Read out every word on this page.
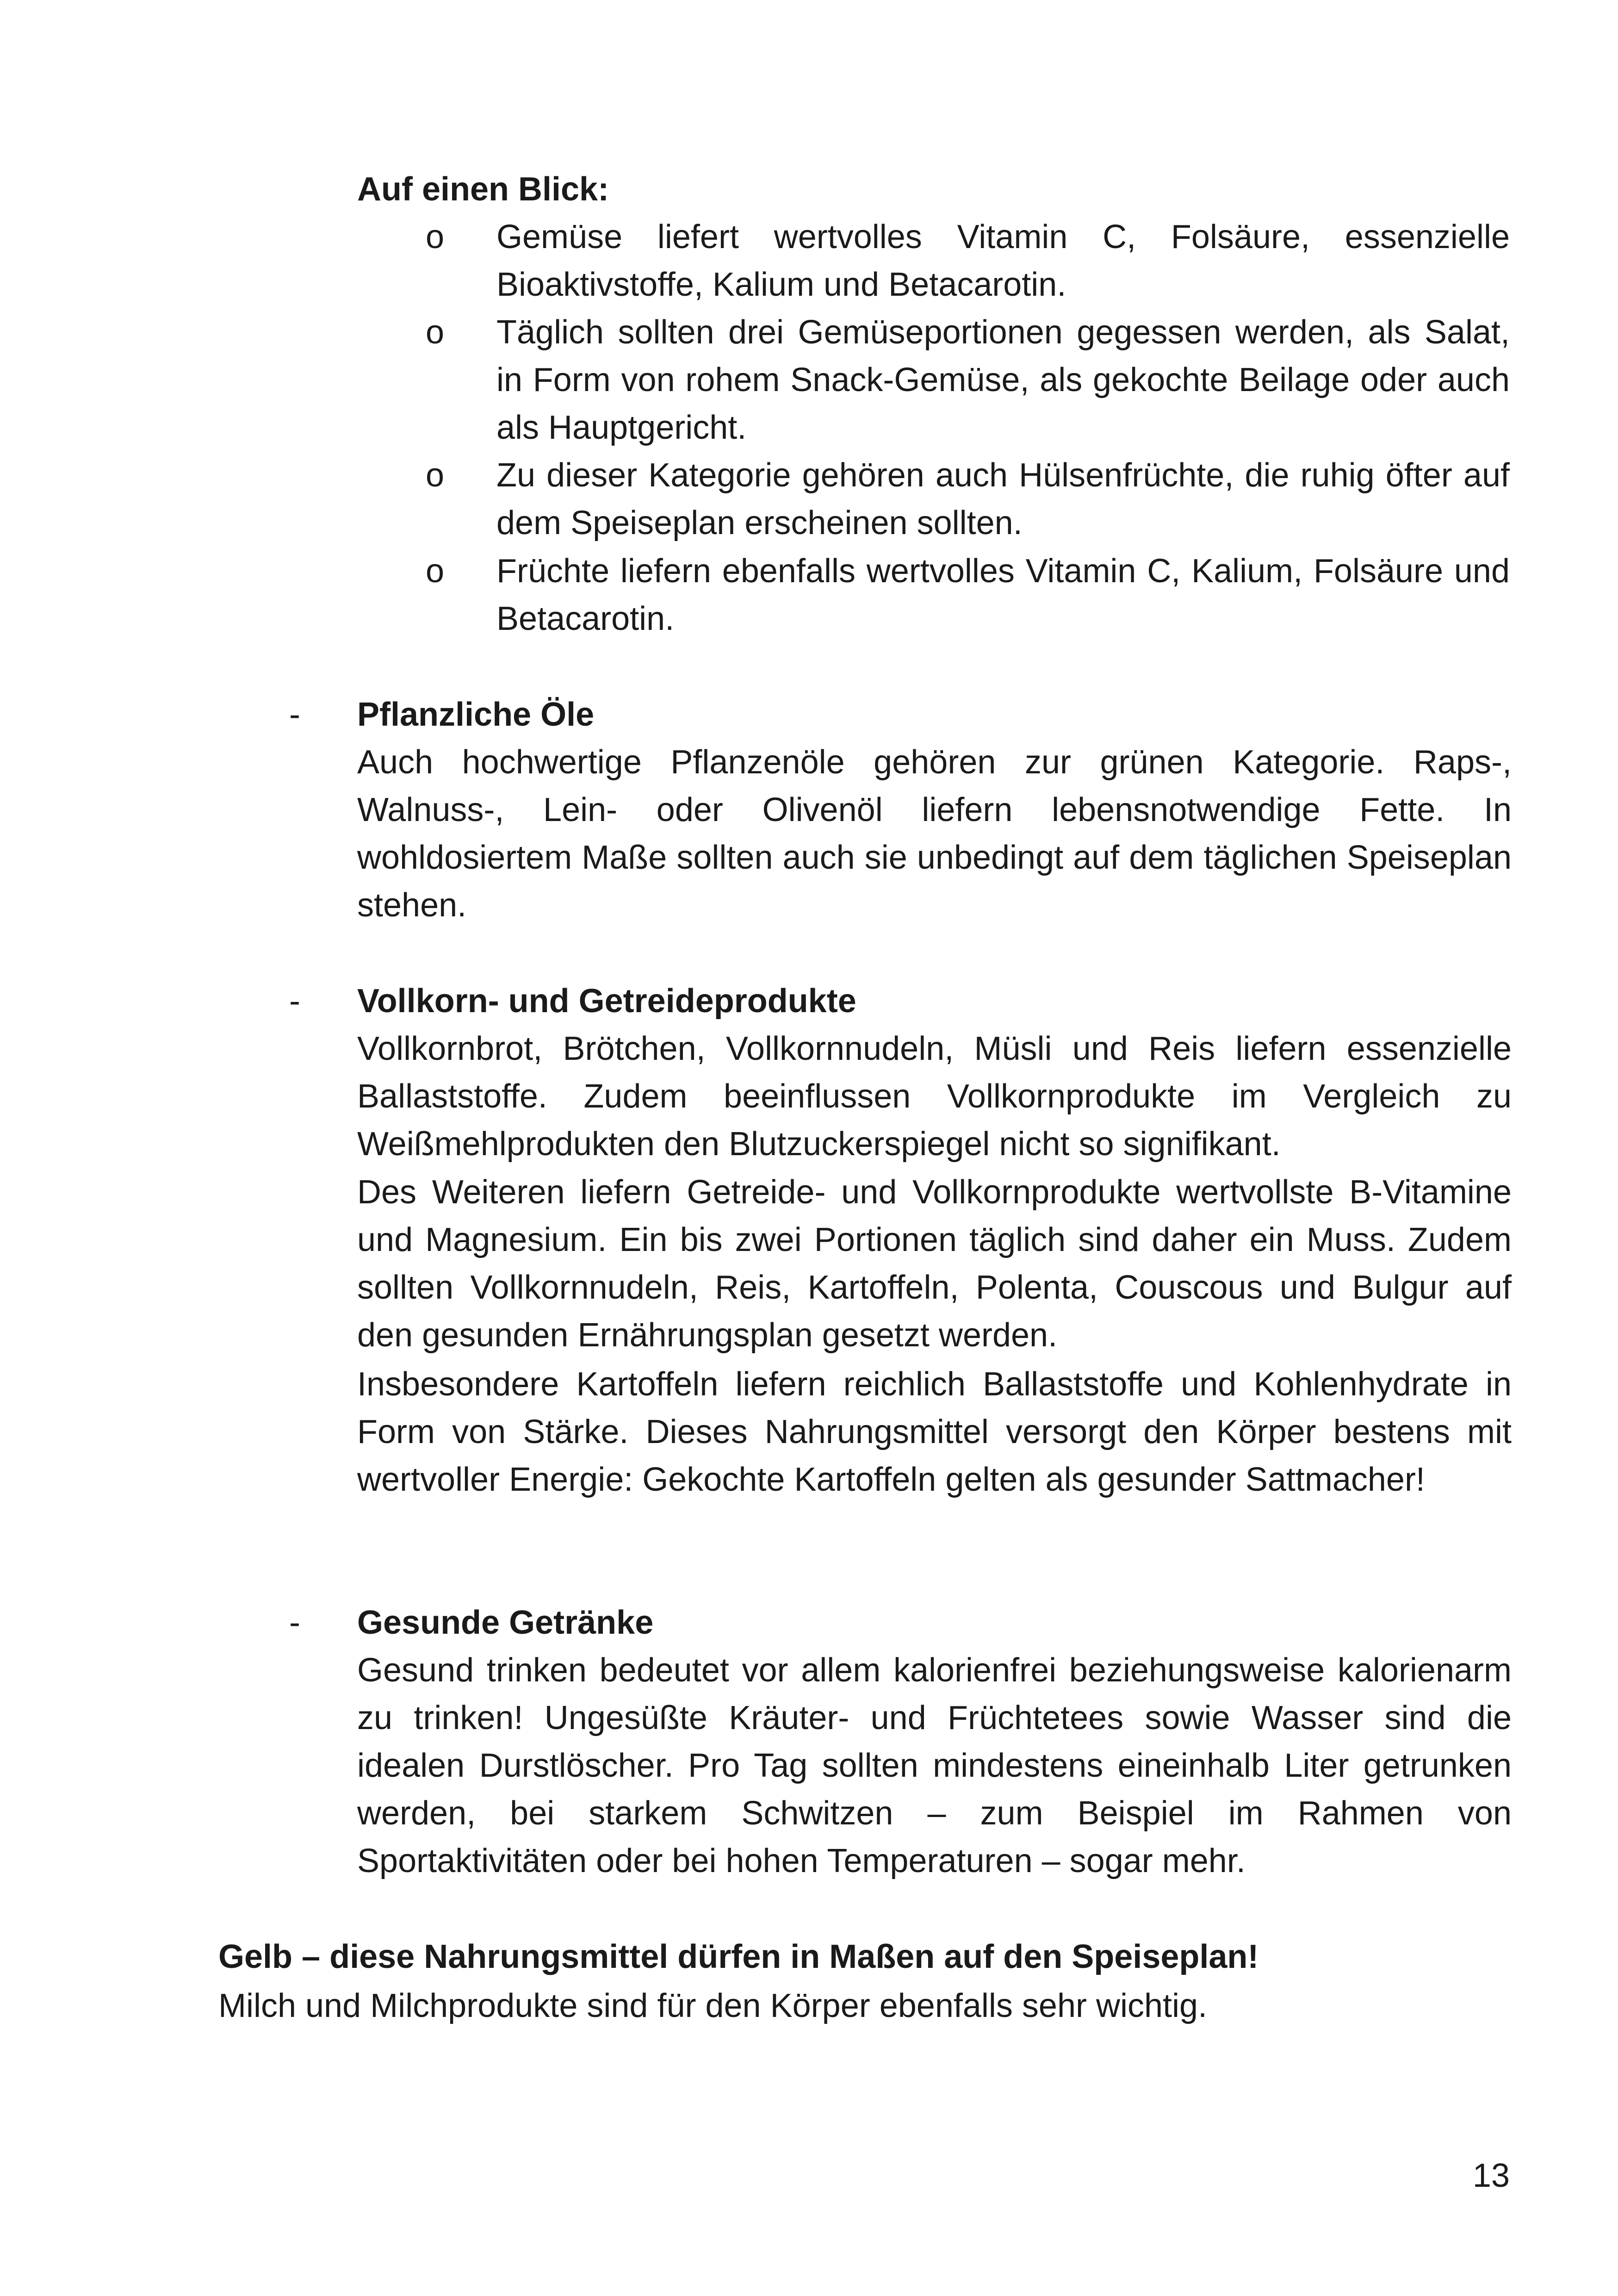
Auf einen Blick:
o Gemüse liefert wertvolles Vitamin C, Folsäure, essenzielle Bioaktivstoffe, Kalium und Betacarotin.
o Täglich sollten drei Gemüseportionen gegessen werden, als Salat, in Form von rohem Snack-Gemüse, als gekochte Beilage oder auch als Hauptgericht.
o Zu dieser Kategorie gehören auch Hülsenfrüchte, die ruhig öfter auf dem Speiseplan erscheinen sollten.
o Früchte liefern ebenfalls wertvolles Vitamin C, Kalium, Folsäure und Betacarotin.
- Pflanzliche Öle
Auch hochwertige Pflanzenöle gehören zur grünen Kategorie. Raps-, Walnuss-, Lein- oder Olivenöl liefern lebensnotwendige Fette. In wohldosiertem Maße sollten auch sie unbedingt auf dem täglichen Speiseplan stehen.
- Vollkorn- und Getreideprodukte
Vollkornbrot, Brötchen, Vollkornnudeln, Müsli und Reis liefern essenzielle Ballaststoffe. Zudem beeinflussen Vollkornprodukte im Vergleich zu Weißmehlprodukten den Blutzuckerspiegel nicht so signifikant.
Des Weiteren liefern Getreide- und Vollkornprodukte wertvollste B-Vitamine und Magnesium. Ein bis zwei Portionen täglich sind daher ein Muss. Zudem sollten Vollkornnudeln, Reis, Kartoffeln, Polenta, Couscous und Bulgur auf den gesunden Ernährungsplan gesetzt werden.
Insbesondere Kartoffeln liefern reichlich Ballaststoffe und Kohlenhydrate in Form von Stärke. Dieses Nahrungsmittel versorgt den Körper bestens mit wertvoller Energie: Gekochte Kartoffeln gelten als gesunder Sattmacher!
- Gesunde Getränke
Gesund trinken bedeutet vor allem kalorienfrei beziehungsweise kalorienarm zu trinken! Ungesüßte Kräuter- und Früchtetees sowie Wasser sind die idealen Durstlöscher. Pro Tag sollten mindestens eineinhalb Liter getrunken werden, bei starkem Schwitzen – zum Beispiel im Rahmen von Sportaktivitäten oder bei hohen Temperaturen – sogar mehr.
Gelb – diese Nahrungsmittel dürfen in Maßen auf den Speiseplan!
Milch und Milchprodukte sind für den Körper ebenfalls sehr wichtig.
13
